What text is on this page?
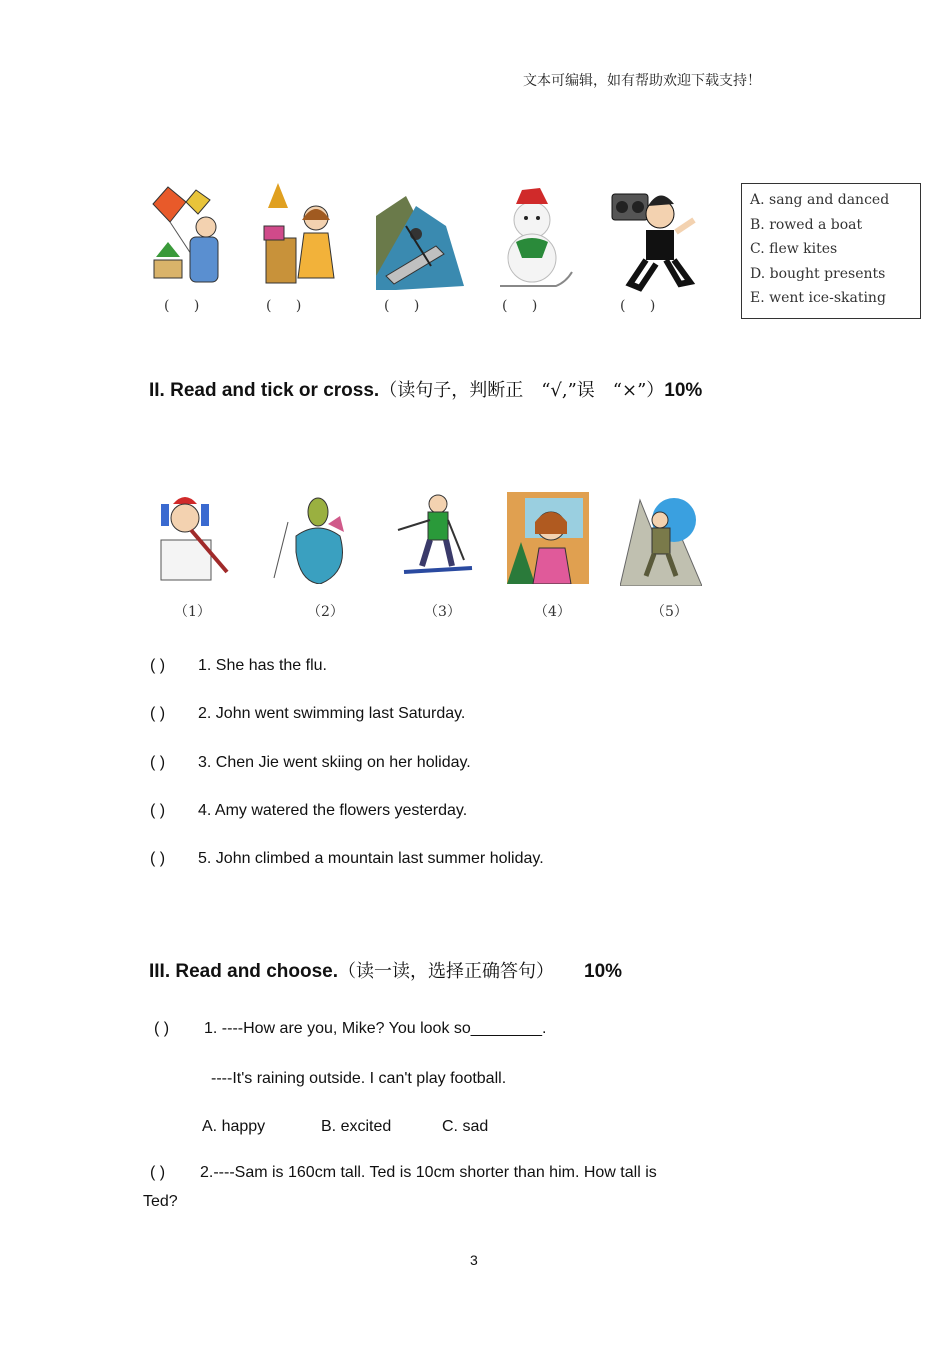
文本可编辑，如有帮助欢迎下载支持！
( )	( )	( )	( )	( )
A. sang and danced
B. rowed a boat
C. flew kites
D. bought presents
E. went ice-skating
II. Read and tick or cross.（读句子，判断正　“√,”误　“×”）10%
（1）	（2）	（3）	（4）	（5）
( ) 1. She has the flu.
( ) 2. John went swimming last Saturday.
( ) 3. Chen Jie went skiing on her holiday.
( ) 4. Amy watered the flowers yesterday.
( ) 5. John climbed a mountain last summer holiday.
III. Read and choose.（读一读，选择正确答句） 10%
( ) 1. ----How are you, Mike? You look so________.
----It's raining outside. I can't play football.
A. happy	B. excited	C. sad
( ) 2.----Sam is 160cm tall. Ted is 10cm shorter than him. How tall is
Ted?
3
